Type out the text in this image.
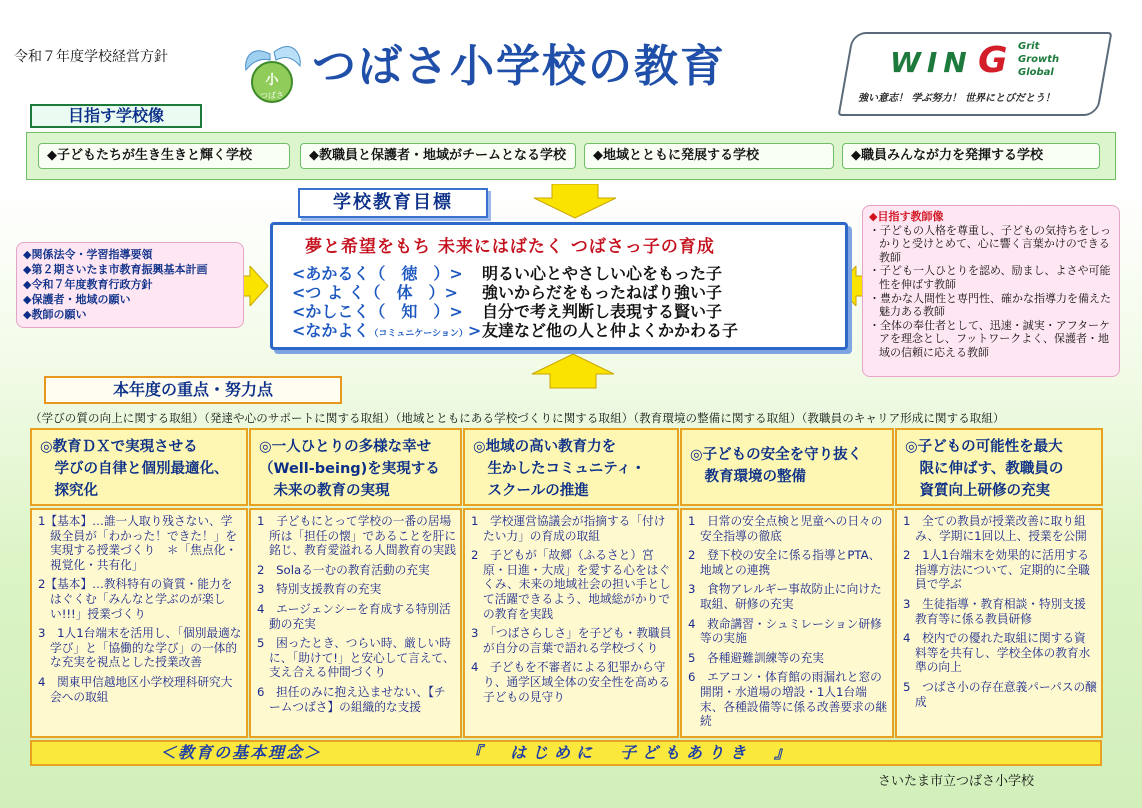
令和７年度学校経営方針
小
つばさ
つばさ小学校の教育	WIN G Grit
Growth
Global
強い意志！ 学ぶ努力！ 世界にとびだとう！
目指す学校像
◆子どもたちが生き生きと輝く学校	◆教職員と保護者・地域がチームとなる学校	◆地域とともに発展する学校	◆職員みんなが力を発揮する学校
学校教育目標
◆関係法令・学習指導要領
◆第２期さいたま市教育振興基本計画
◆令和７年度教育行政方針
◆保護者・地域の願い
◆教師の願い
夢と希望をもち 未来にはばたく つばさっ子の育成
<あかるく（　徳　）> 明るい心とやさしい心をもった子
<つ よ く（　体　）> 強いからだをもったねばり強い子
<かしこく（　知　）> 自分で考え判断し表現する賢い子
<なかよく（コミュニケーション）>友達など他の人と仲よくかかわる子
◆目指す教師像
・子どもの人格を尊重し、子どもの気持ちをしっかりと受けとめて、心に響く言葉かけのできる教師
・子ども一人ひとりを認め、励まし、よさや可能性を伸ばす教師
・豊かな人間性と専門性、確かな指導力を備えた魅力ある教師
・全体の奉仕者として、迅速・誠実・アフターケアを理念とし、フットワークよく、保護者・地域の信頼に応える教師
本年度の重点・努力点
（学びの質の向上に関する取組）（発達や心のサポートに関する取組）（地域とともにある学校づくりに関する取組）（教育環境の整備に関する取組）（教職員のキャリア形成に関する取組）
◎教育ＤＸで実現させる
　学びの自律と個別最適化、
　探究化
◎一人ひとりの多様な幸せ
（Well-being)を実現する
　未来の教育の実現
◎地域の高い教育力を
　生かしたコミュニティ・
　スクールの推進
◎子どもの安全を守り抜く
　教育環境の整備
◎子どもの可能性を最大
　限に伸ばす、教職員の
　資質向上研修の充実
1【基本】…誰一人取り残さない、学級全員が「わかった！できた！」を実現する授業づくり　＊「焦点化・視覚化・共有化」
2【基本】…教科特有の資質・能力をはぐくむ「みんなと学ぶのが楽しい!!!」授業づくり
3　1人1台端末を活用し、「個別最適な学び」と「協働的な学び」の一体的な充実を視点とした授業改善
4　関東甲信越地区小学校理科研究大会への取組
1　子どもにとって学校の一番の居場所は「担任の懐」であることを肝に銘じ、教育愛溢れる人間教育の実践
2　Solaる一むの教育活動の充実
3　特別支援教育の充実
4　エージェンシーを育成する特別活動の充実
5　困ったとき、つらい時、厳しい時に、「助けて!」と安心して言えて、支え合える仲間づくり
6　担任のみに抱え込ませない、【チームつばさ】の組織的な支援
1　学校運営協議会が指摘する「付けたい力」の育成の取組
2　子どもが「故郷（ふるさと）宮原・日進・大成」を愛する心をはぐくみ、未来の地域社会の担い手として活躍できるよう、地域総がかりでの教育を実践
3　「つばさらしさ」を子ども・教職員が自分の言葉で語れる学校づくり
4　子どもを不審者による犯罪から守り、通学区域全体の安全性を高める子どもの見守り
1　日常の安全点検と児童への日々の安全指導の徹底
2　登下校の安全に係る指導とPTA、地域との連携
3　食物アレルギー事故防止に向けた取組、研修の充実
4　救命講習・シュミレーション研修等の実施
5　各種避難訓練等の充実
6　エアコン・体育館の雨漏れと窓の開閉・水道場の増設・1人1台端末、各種設備等に係る改善要求の継続
1　全ての教員が授業改善に取り組み、学期に1回以上、授業を公開
2　1人1台端末を効果的に活用する指導方法について、定期的に全職員で学ぶ
3　生徒指導・教育相談・特別支援教育等に係る教員研修
4　校内での優れた取組に関する資料等を共有し、学校全体の教育水準の向上
5　つばさ小の存在意義パーパスの醸成
＜教育の基本理念＞	『　はじめに　子どもありき　』
さいたま市立つばさ小学校
